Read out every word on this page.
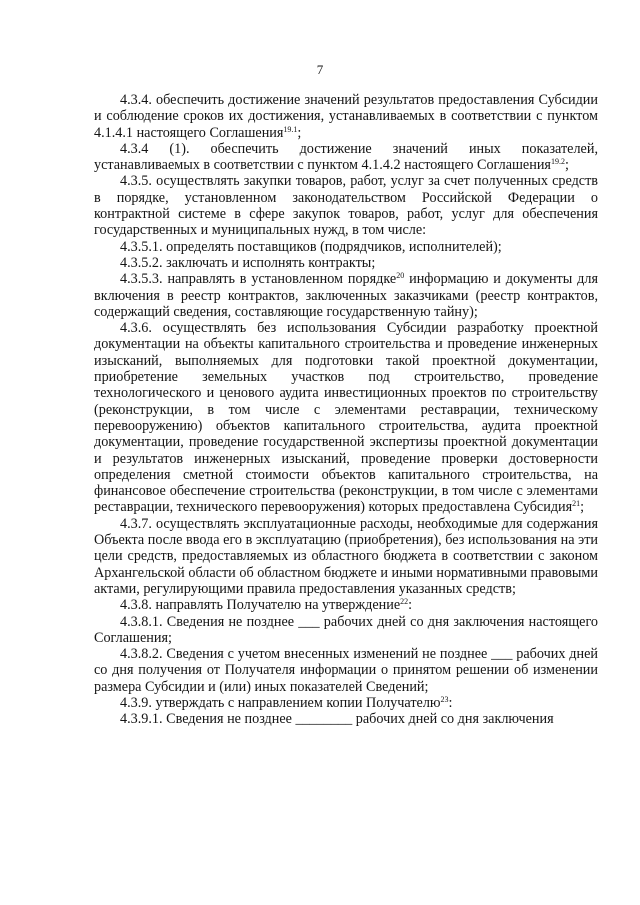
7

4.3.4. обеспечить достижение значений результатов предоставления Субсидии и соблюдение сроков их достижения, устанавливаемых в соответствии с пунктом 4.1.4.1 настоящего Соглашения$^{19.1}$;

4.3.4 (1). обеспечить достижение значений иных показателей, устанавливаемых в соответствии с пунктом 4.1.4.2 настоящего Соглашения$^{19.2}$;

4.3.5. осуществлять закупки товаров, работ, услуг за счет полученных средств в порядке, установленном законодательством Российской Федерации о контрактной системе в сфере закупок товаров, работ, услуг для обеспечения государственных и муниципальных нужд, в том числе:

4.3.5.1. определять поставщиков (подрядчиков, исполнителей);

4.3.5.2. заключать и исполнять контракты;

4.3.5.3. направлять в установленном порядке$^{20}$ информацию и документы для включения в реестр контрактов, заключенных заказчиками (реестр контрактов, содержащий сведения, составляющие государственную тайну);

4.3.6. осуществлять без использования Субсидии разработку проектной документации на объекты капитального строительства и проведение инженерных изысканий, выполняемых для подготовки такой проектной документации, приобретение земельных участков под строительство, проведение технологического и ценового аудита инвестиционных проектов по строительству (реконструкции, в том числе с элементами реставрации, техническому перевооружению) объектов капитального строительства, аудита проектной документации, проведение государственной экспертизы проектной документации и результатов инженерных изысканий, проведение проверки достоверности определения сметной стоимости объектов капитального строительства, на финансовое обеспечение строительства (реконструкции, в том числе с элементами реставрации, технического перевооружения) которых предоставлена Субсидия$^{21}$;

4.3.7. осуществлять эксплуатационные расходы, необходимые для содержания Объекта после ввода его в эксплуатацию (приобретения), без использования на эти цели средств, предоставляемых из областного бюджета в соответствии с законом Архангельской области об областном бюджете и иными нормативными правовыми актами, регулирующими правила предоставления указанных средств;

4.3.8. направлять Получателю на утверждение$^{22}$:

4.3.8.1. Сведения не позднее ___ рабочих дней со дня заключения настоящего Соглашения;

4.3.8.2. Сведения с учетом внесенных изменений не позднее ___ рабочих дней со дня получения от Получателя информации о принятом решении об изменении размера Субсидии и (или) иных показателей Сведений;

4.3.9. утверждать с направлением копии Получателю$^{23}$:

4.3.9.1. Сведения не позднее ________ рабочих дней со дня заключения
